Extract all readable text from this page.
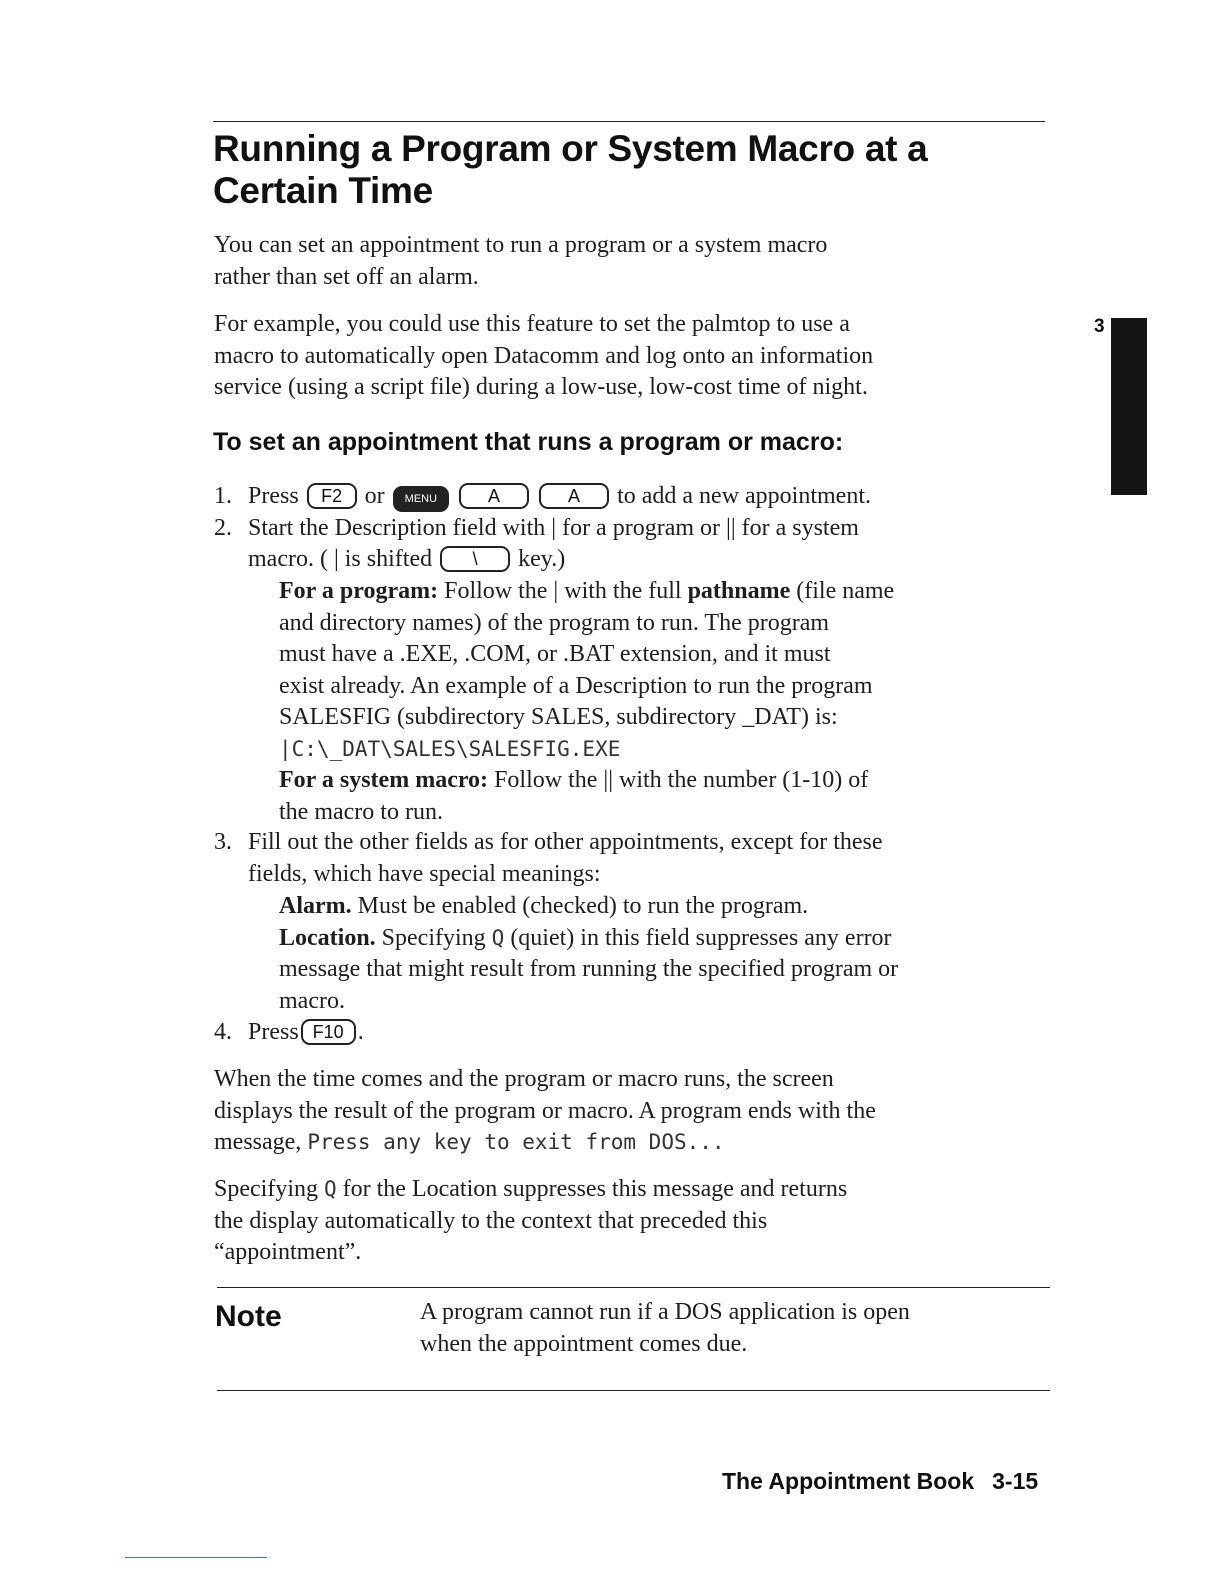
Running a Program or System Macro at a
Certain Time
You can set an appointment to run a program or a system macro
rather than set off an alarm.
For example, you could use this feature to set the palmtop to use a
macro to automatically open Datacomm and log onto an information
service (using a script file) during a low-use, low-cost time of night.
3
To set an appointment that runs a program or macro:
1. Press F2 or MENU	A	A to add a new appointment.
2. Start the Description field with | for a program or || for a system
macro. ( | is shifted \ key.)
For a program: Follow the | with the full pathname (file name
and directory names) of the program to run. The program
must have a .EXE, .COM, or .BAT extension, and it must
exist already. An example of a Description to run the program
SALESFIG (subdirectory SALES, subdirectory _DAT) is:
|C:\_DAT\SALES\SALESFIG.EXE
For a system macro: Follow the || with the number (1-10) of
the macro to run.
3. Fill out the other fields as for other appointments, except for these
fields, which have special meanings:
Alarm. Must be enabled (checked) to run the program.
Location. Specifying Q (quiet) in this field suppresses any error
message that might result from running the specified program or
macro.
4. Press F10 .
When the time comes and the program or macro runs, the screen
displays the result of the program or macro. A program ends with the
message, Press any key to exit from DOS...
Specifying Q for the Location suppresses this message and returns
the display automatically to the context that preceded this
“appointment”.
Note	A program cannot run if a DOS application is open
when the appointment comes due.
The Appointment Book 3-15
